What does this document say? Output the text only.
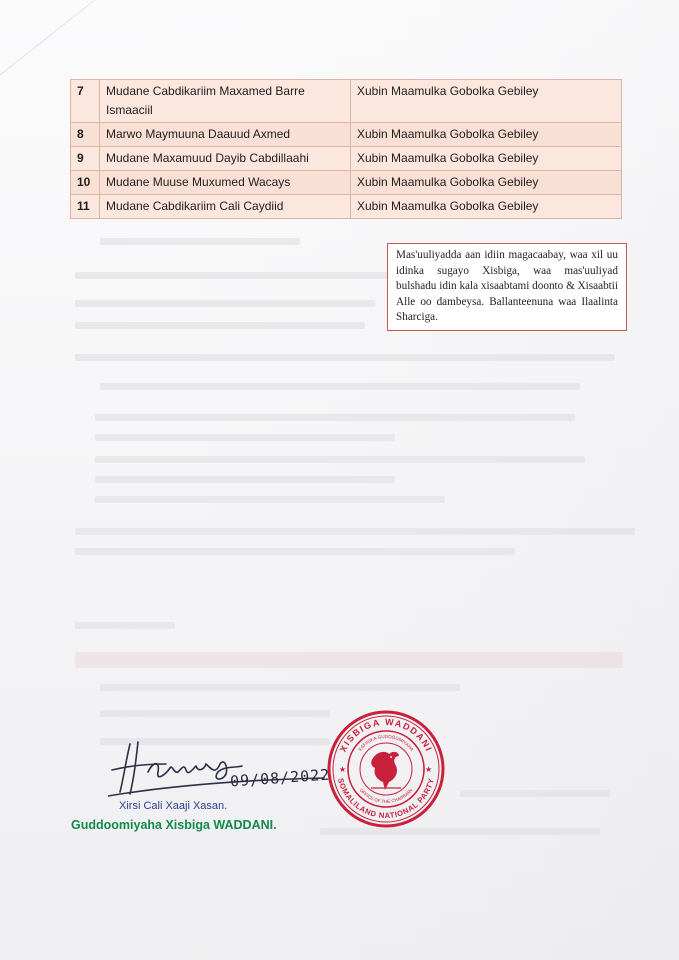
7	Mudane Cabdikariim Maxamed Barre Ismaaciil	Xubin Maamulka Gobolka Gebiley
8	Marwo Maymuuna Daauud Axmed	Xubin Maamulka Gobolka Gebiley
9	Mudane Maxamuud Dayib Cabdillaahi	Xubin Maamulka Gobolka Gebiley
10	Mudane Muuse Muxumed Wacays	Xubin Maamulka Gobolka Gebiley
11	Mudane Cabdikariim Cali Caydiid	Xubin Maamulka Gobolka Gebiley
Mas'uuliyadda aan idiin magacaabay, waa xil uu idinka sugayo Xisbiga, waa mas'uuliyad bulshadu idin kala xisaabtami doonto & Xisaabtii Alle oo dambeysa. Ballanteenuna waa Ilaalinta Sharciga.
09/08/2022
Xirsi Cali Xaaji Xasan.
Guddoomiyaha Xisbiga WADDANI.
XISBIGA WADDANI
SOMALILAND NATIONAL PARTY
XAFIISKA GUDDOOMIYAHA
OFFICE OF THE CHAIRMAN
★	★
